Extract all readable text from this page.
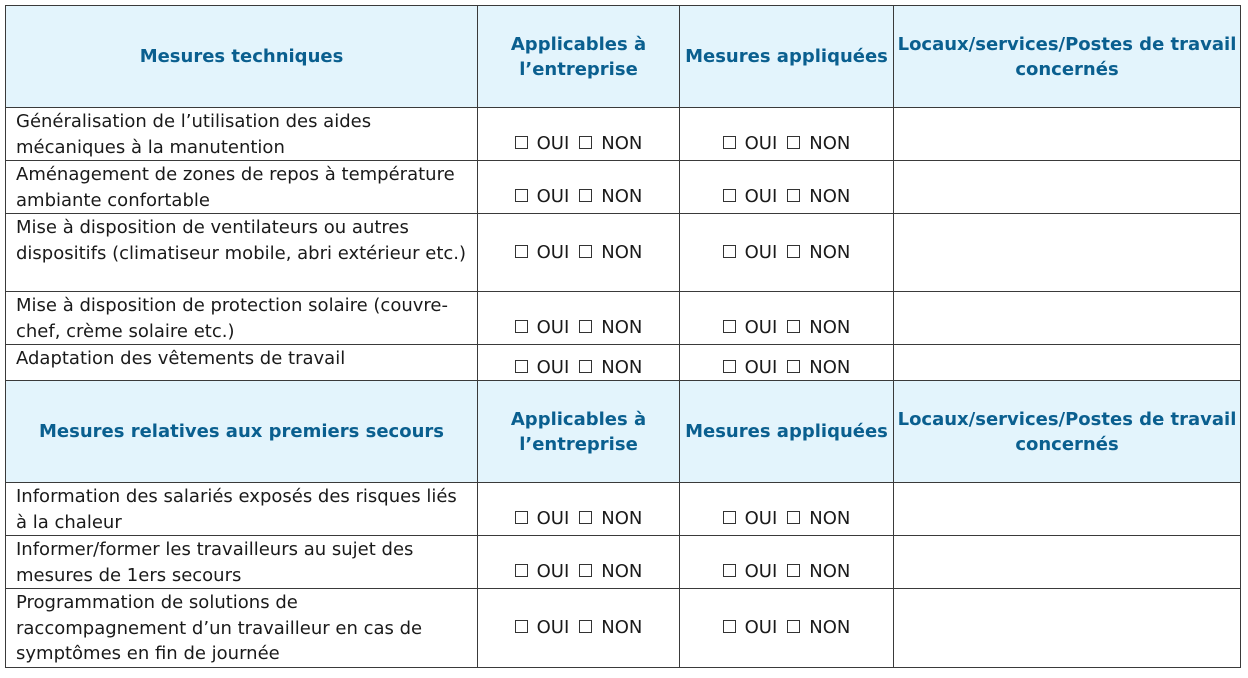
Mesures techniques	Applicables à l’entreprise	Mesures appliquées	Locaux/services/Postes de travail concernés
Généralisation de l’utilisation des aides mécaniques à la manutention	OUI NON	OUI NON	
Aménagement de zones de repos à température ambiante confortable	OUI NON	OUI NON	
Mise à disposition de ventilateurs ou autres dispositifs (climatiseur mobile, abri extérieur etc.)	OUI NON	OUI NON	
Mise à disposition de protection solaire (couvre-chef, crème solaire etc.)	OUI NON	OUI NON	
Adaptation des vêtements de travail	OUI NON	OUI NON	
Mesures relatives aux premiers secours	Applicables à l’entreprise	Mesures appliquées	Locaux/services/Postes de travail concernés
Information des salariés exposés des risques liés à la chaleur	OUI NON	OUI NON	
Informer/former les travailleurs au sujet des mesures de 1ers secours	OUI NON	OUI NON	
Programmation de solutions de raccompagnement d’un travailleur en cas de symptômes en fin de journée	OUI NON	OUI NON	
